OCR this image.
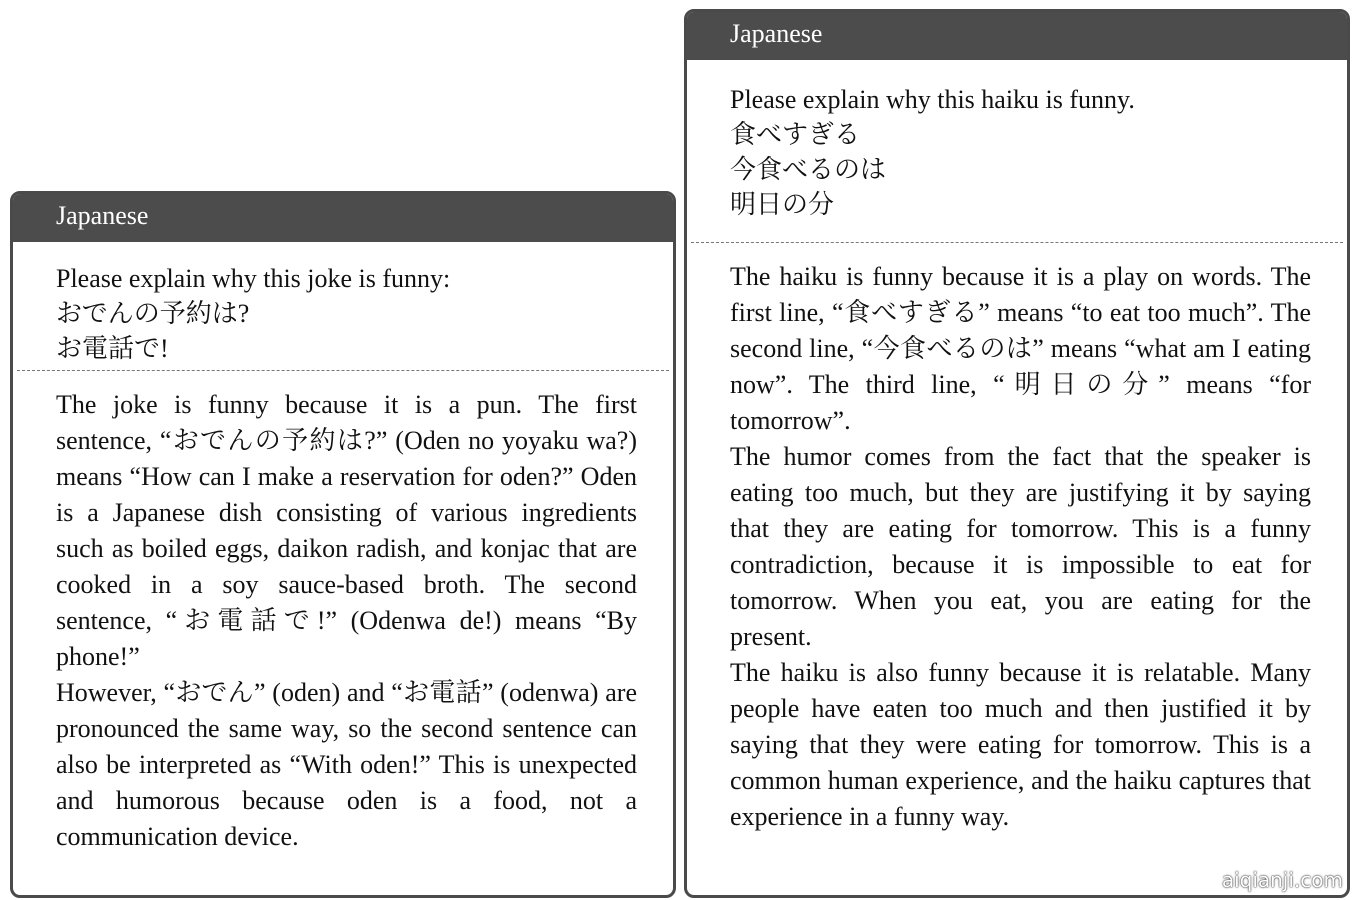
Japanese
Please explain why this joke is funny:
おでんの予約は?
お電話で!

The joke is funny because it is a pun. The first sentence, “おでんの予約は?” (Oden no yoyaku wa?) means “How can I make a reservation for oden?” Oden is a Japanese dish consisting of various ingredients such as boiled eggs, daikon radish, and konjac that are cooked in a soy sauce-based broth. The second sentence, “お電話で!” (Odenwa de!) means “By phone!”

However, “おでん” (oden) and “お電話” (odenwa) are pronounced the same way, so the second sentence can also be interpreted as “With oden!” This is unexpected and humorous because oden is a food, not a communication device.

Japanese
Please explain why this haiku is funny.
食べすぎる
今食べるのは
明日の分

The haiku is funny because it is a play on words. The first line, “食べすぎる” means “to eat too much”. The second line, “今食べるのは” means “what am I eating now”. The third line, “明日の分” means “for tomorrow”.

The humor comes from the fact that the speaker is eating too much, but they are justifying it by saying that they are eating for tomorrow. This is a funny contradiction, because it is impossible to eat for tomorrow. When you eat, you are eating for the present.

The haiku is also funny because it is relatable. Many people have eaten too much and then justified it by saying that they were eating for tomorrow. This is a common human experience, and the haiku captures that experience in a funny way.

aiqianji.com
